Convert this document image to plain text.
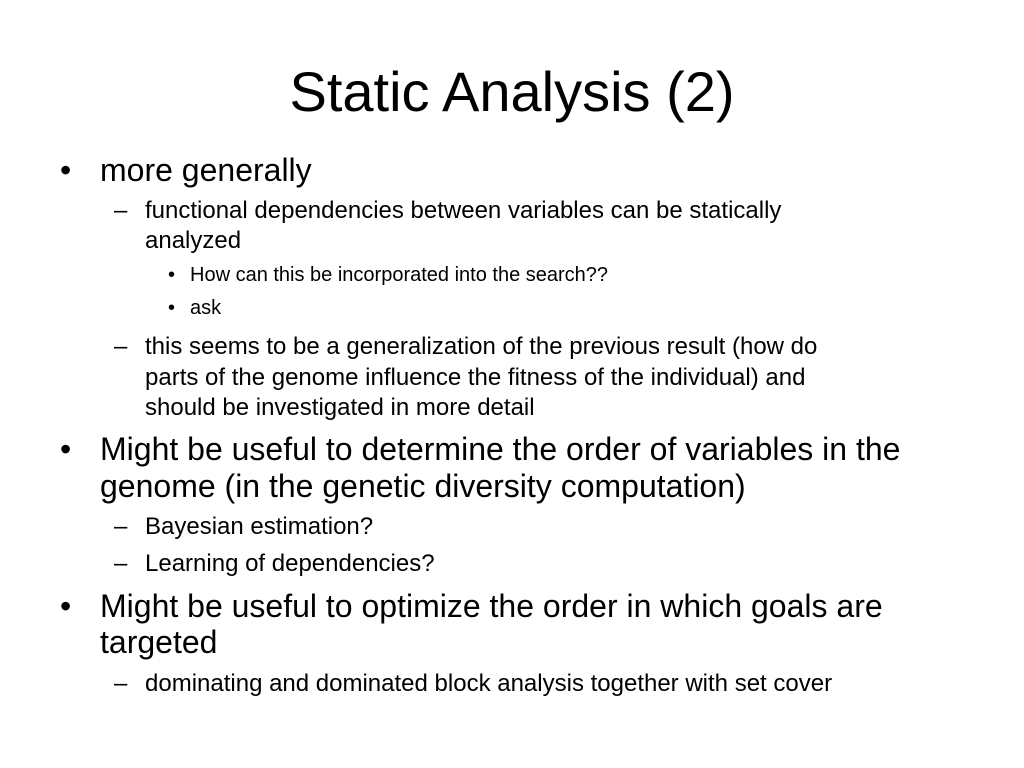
Static Analysis (2)
• more generally
– functional dependencies between variables can be statically
analyzed
• How can this be incorporated into the search??
• ask
– this seems to be a generalization of the previous result (how do
parts of the genome influence the fitness of the individual) and
should be investigated in more detail
• Might be useful to determine the order of variables in the
genome (in the genetic diversity computation)
– Bayesian estimation?
– Learning of dependencies?
• Might be useful to optimize the order in which goals are
targeted
– dominating and dominated block analysis together with set cover
